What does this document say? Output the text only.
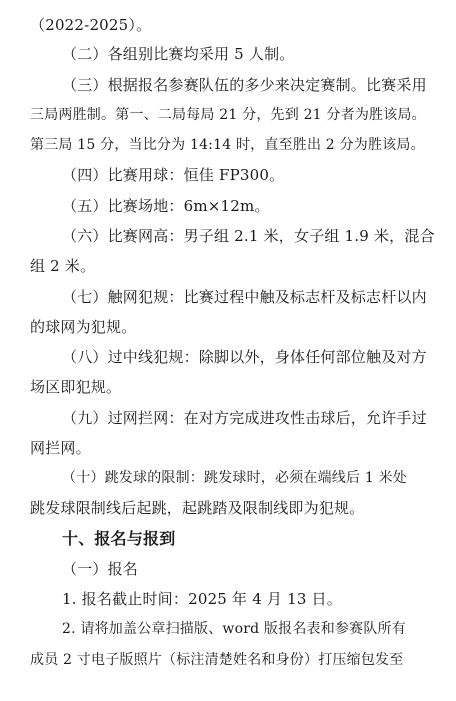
（2022-2025）。
（二）各组别比赛均采用 5 人制。
（三）根据报名参赛队伍的多少来决定赛制。比赛采用
三局两胜制。第一、二局每局 21 分，先到 21 分者为胜该局。
第三局 15 分，当比分为 14:14 时，直至胜出 2 分为胜该局。
（四）比赛用球：恒佳 FP300。
（五）比赛场地：6m×12m。
（六）比赛网高：男子组 2.1 米，女子组 1.9 米，混合
组 2 米。
（七）触网犯规：比赛过程中触及标志杆及标志杆以内
的球网为犯规。
（八）过中线犯规：除脚以外，身体任何部位触及对方
场区即犯规。
（九）过网拦网：在对方完成进攻性击球后，允许手过
网拦网。
（十）跳发球的限制：跳发球时，必须在端线后 1 米处
跳发球限制线后起跳，起跳踏及限制线即为犯规。
十、报名与报到
（一）报名
1. 报名截止时间：2025 年 4 月 13 日。
2. 请将加盖公章扫描版、word 版报名表和参赛队所有
成员 2 寸电子版照片（标注清楚姓名和身份）打压缩包发至
